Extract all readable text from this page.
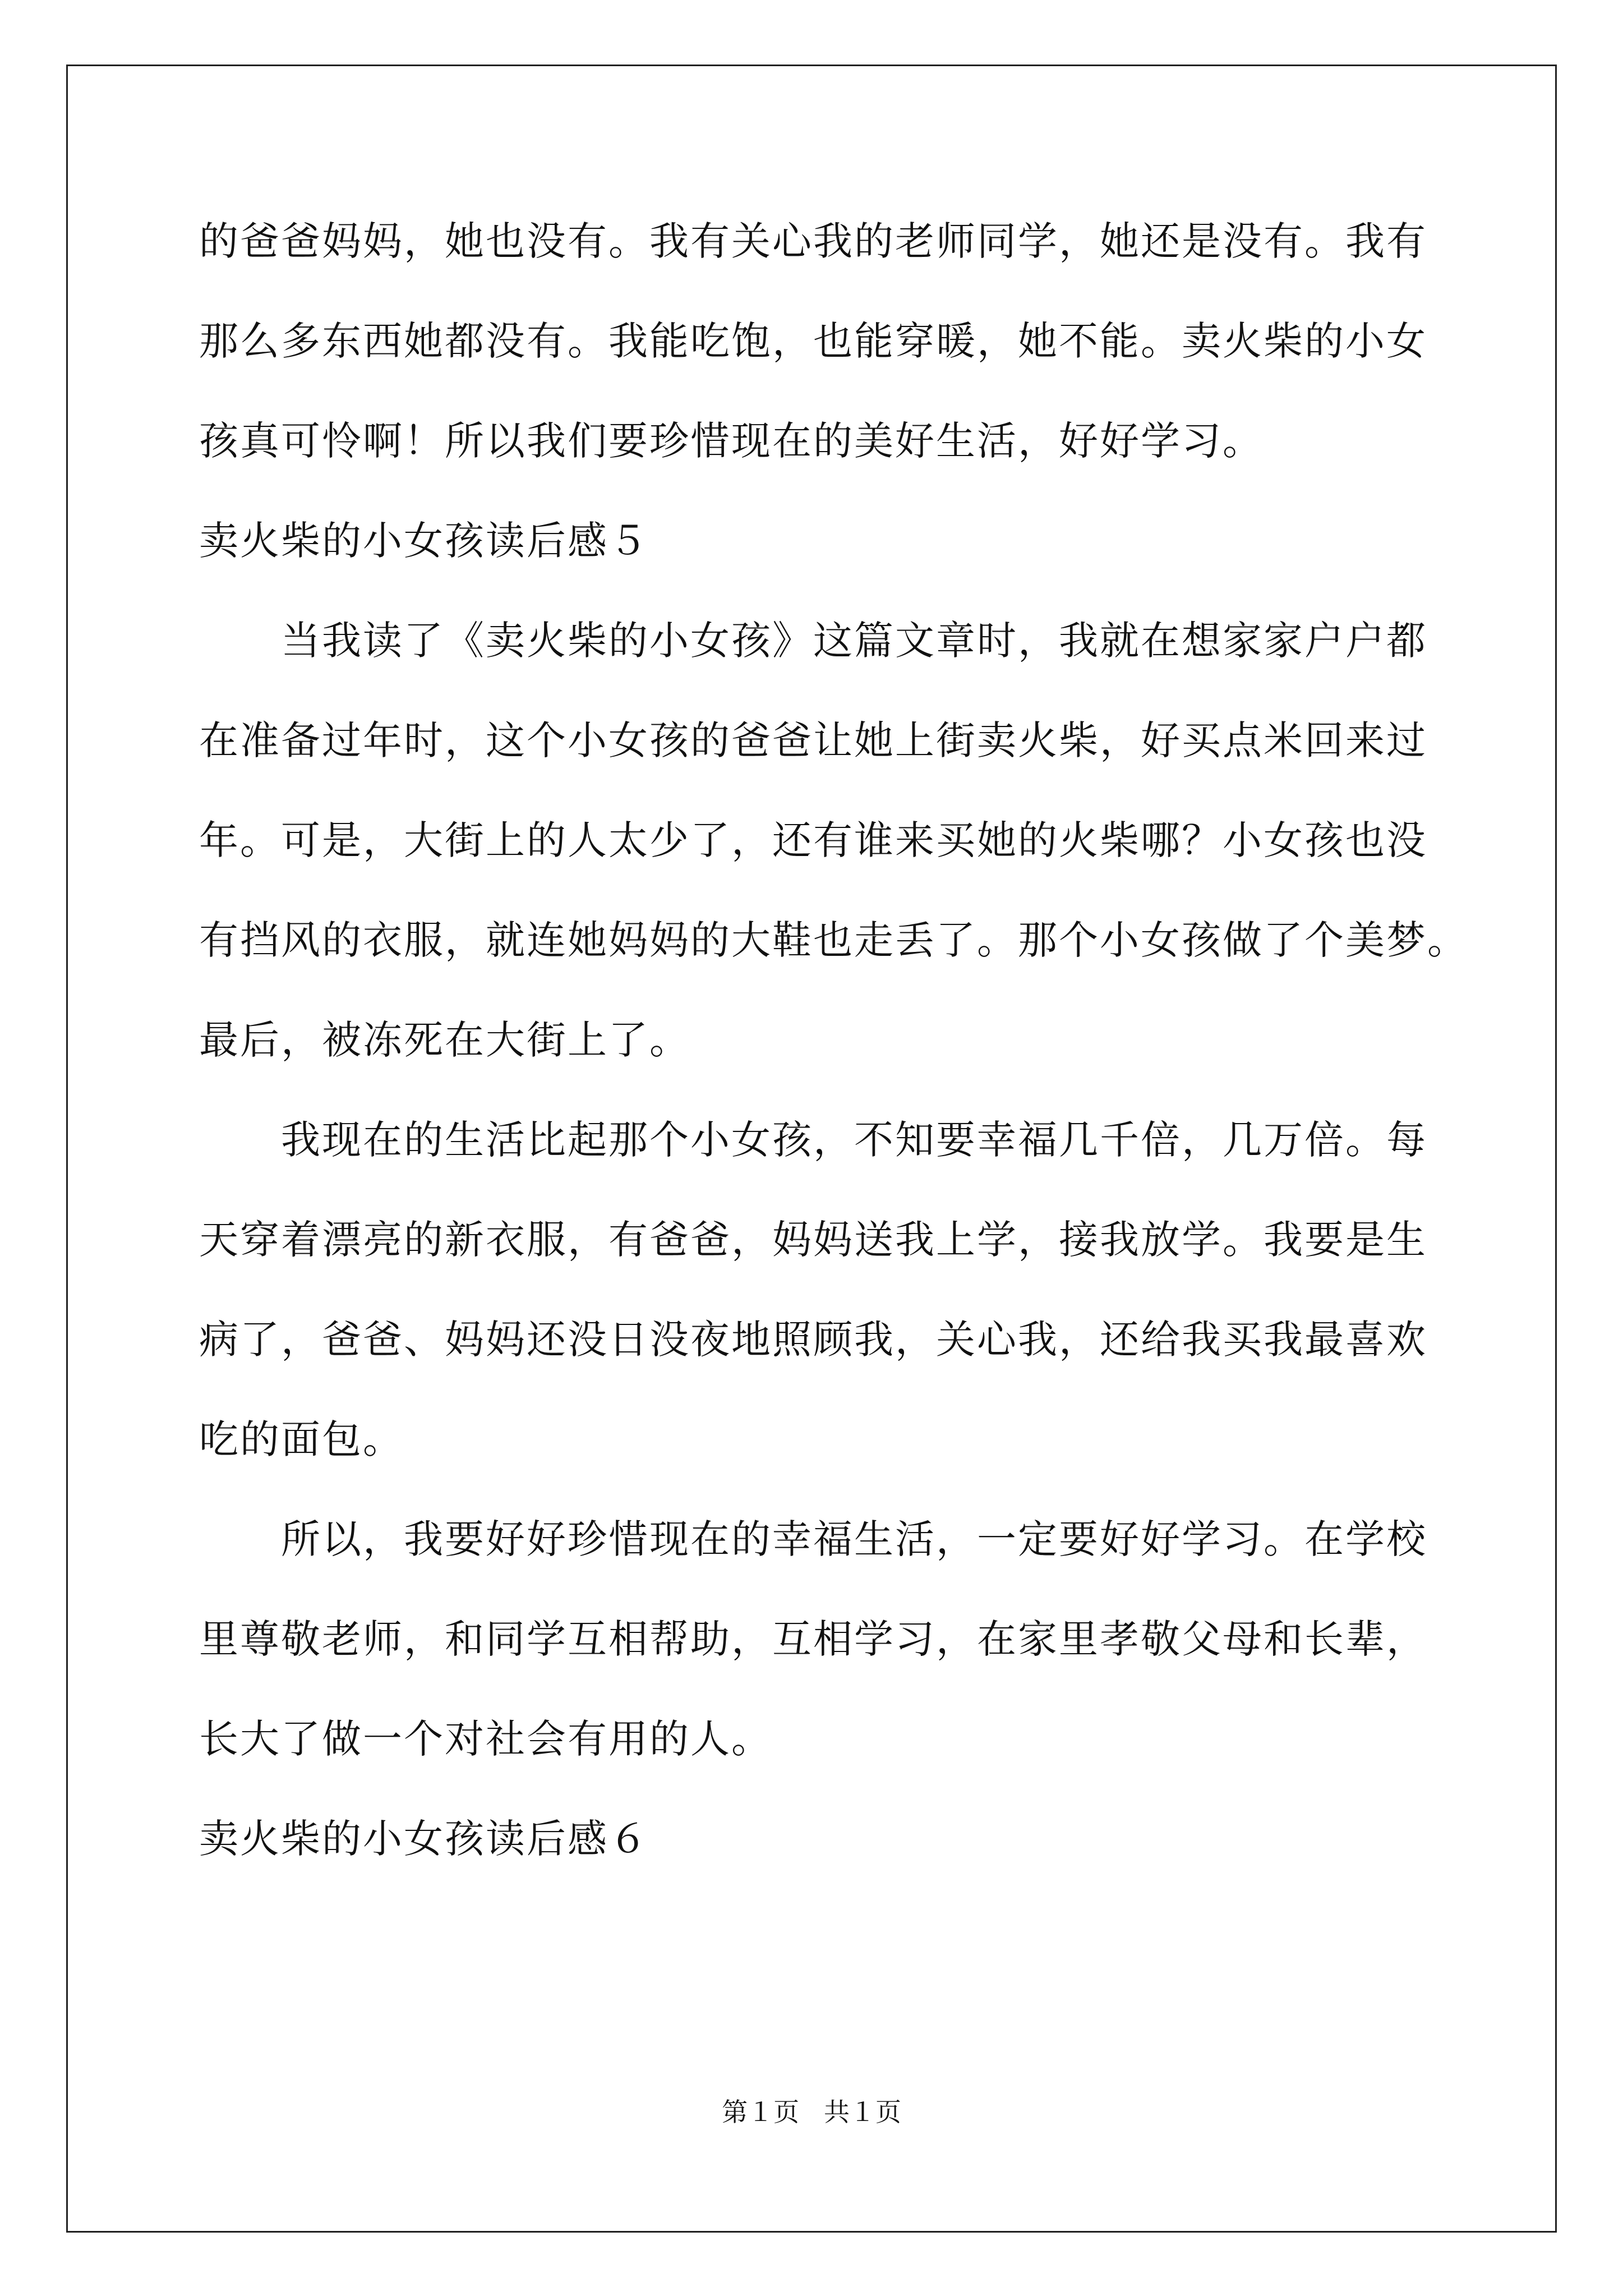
的爸爸妈妈，她也没有。我有关心我的老师同学，她还是没有。我有
那么多东西她都没有。我能吃饱，也能穿暖，她不能。卖火柴的小女
孩真可怜啊！所以我们要珍惜现在的美好生活，好好学习。
卖火柴的小女孩读后感５
当我读了《卖火柴的小女孩》这篇文章时，我就在想家家户户都
在准备过年时，这个小女孩的爸爸让她上街卖火柴，好买点米回来过
年。可是，大街上的人太少了，还有谁来买她的火柴哪？小女孩也没
有挡风的衣服，就连她妈妈的大鞋也走丢了。那个小女孩做了个美梦。
最后，被冻死在大街上了。
我现在的生活比起那个小女孩，不知要幸福几千倍，几万倍。每
天穿着漂亮的新衣服，有爸爸，妈妈送我上学，接我放学。我要是生
病了，爸爸、妈妈还没日没夜地照顾我，关心我，还给我买我最喜欢
吃的面包。
所以，我要好好珍惜现在的幸福生活，一定要好好学习。在学校
里尊敬老师，和同学互相帮助，互相学习，在家里孝敬父母和长辈，
长大了做一个对社会有用的人。
卖火柴的小女孩读后感６
第１页 共１页
